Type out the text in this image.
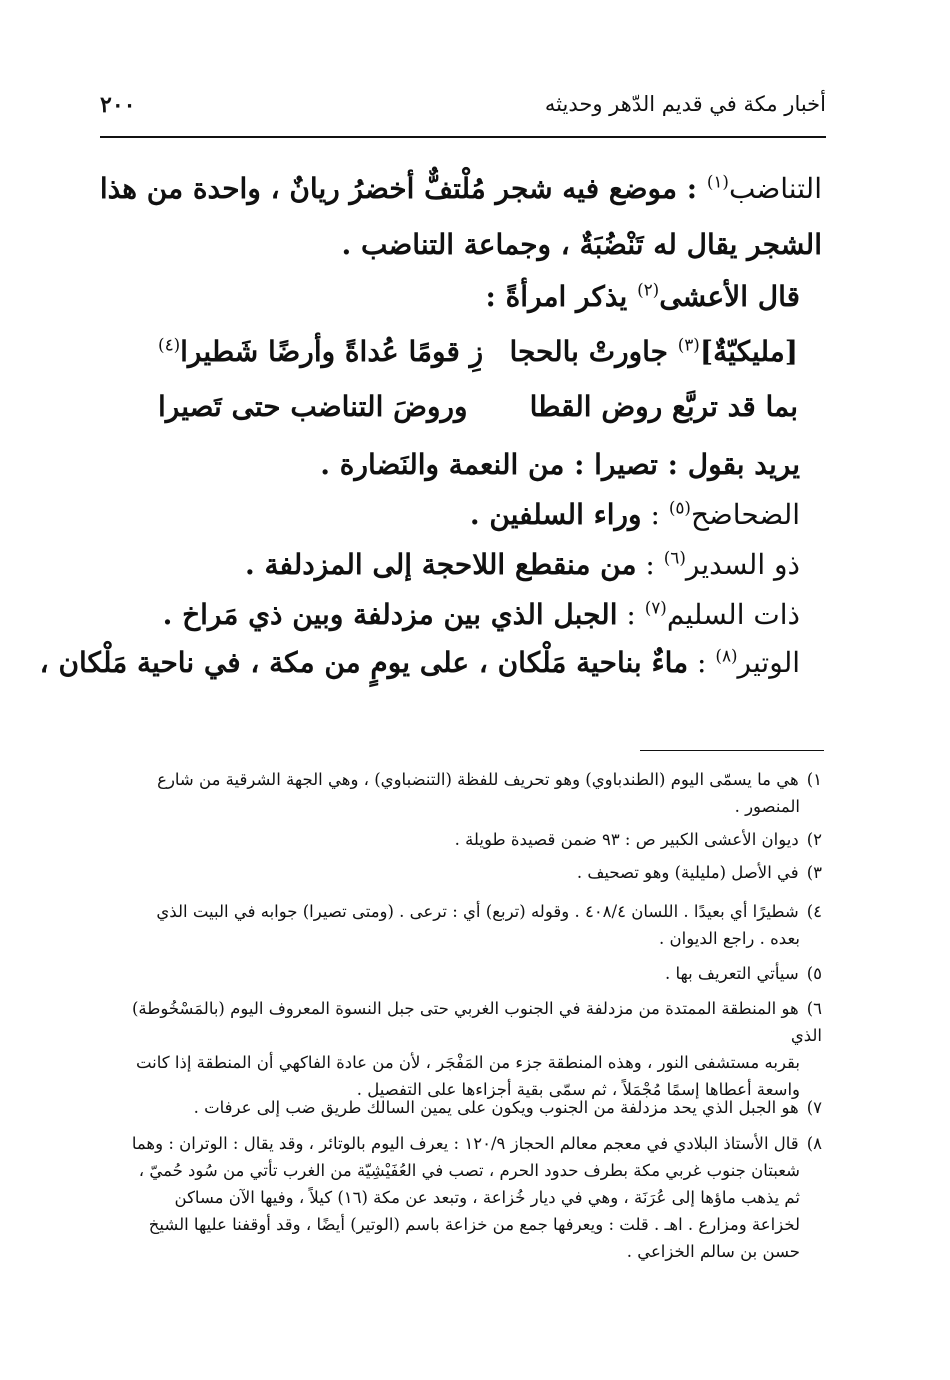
أخبار مكة في قديم الدّهر وحديثه
٢٠٠
التناضب$^{(١)}$ : موضع فيه شجر مُلْتفٌّ أخضرُ ريانٌ ، واحدة من هذا
الشجر يقال له تَنْضُبَةٌ ، وجماعة التناضب .
قال الأعشى$^{(٢)}$ يذكر امرأةً :
[مليكيّةٌ]$^{(٣)}$ جاورتْ بالحجا
زِ قومًا عُداةً وأرضًا شَطيرا$^{(٤)}$
بما قد تربَّع روض القطا
وروضَ التناضب حتى تَصيرا
يريد بقول : تصيرا : من النعمة والنَضارة .
الضحاضح$^{(٥)}$ : وراء السلفين .
ذو السدير$^{(٦)}$ : من منقطع اللاحجة إلى المزدلفة .
ذات السليم$^{(٧)}$ : الجبل الذي بين مزدلفة وبين ذي مَراخ .
الوتير$^{(٨)}$ : ماءٌ بناحية مَلْكان ، على يومٍ من مكة ، في ناحية مَلْكان ،
١)هي ما يسمّى اليوم (الطندباوي) وهو تحريف للفظة (التنضباوي) ، وهي الجهة الشرقية من شارع
المنصور .
٢)ديوان الأعشى الكبير ص : ٩٣ ضمن قصيدة طويلة .
٣)في الأصل (مليلية) وهو تصحيف .
٤)شطيرًا أي بعيدًا . اللسان ٤٠٨/٤ . وقوله (تربع) أي : ترعى . (ومتى تصيرا) جوابه في البيت الذي
بعده . راجع الديوان .
٥)سيأتي التعريف بها .
٦)هو المنطقة الممتدة من مزدلفة في الجنوب الغربي حتى جبل النسوة المعروف اليوم (بالمَسْخُوطة) الذي
بقربه مستشفى النور ، وهذه المنطقة جزء من المَفْجَر ، لأن من عادة الفاكهي أن المنطقة إذا كانت
واسعة أعطاها إسمًا مُجْمَلاً ، ثم سمّى بقية أجزاءها على التفصيل .
٧)هو الجبل الذي يحد مزدلفة من الجنوب ويكون على يمين السالك طريق ضب إلى عرفات .
٨)قال الأستاذ البلادي في معجم معالم الحجاز ١٢٠/٩ : يعرف اليوم بالوتائر ، وقد يقال : الوتران : وهما
شعبتان جنوب غربي مكة بطرف حدود الحرم ، تصب في العُفَيْشِيّة من الغرب تأتي من سُود حُميّ ،
ثم يذهب ماؤها إلى عُرَنَة ، وهي في ديار خُزاعة ، وتبعد عن مكة (١٦) كيلاً ، وفيها الآن مساكن
لخزاعة ومزارع . اهـ . قلت : ويعرفها جمع من خزاعة باسم (الوتير) أيضًا ، وقد أوقفنا عليها الشيخ
حسن بن سالم الخزاعي .
